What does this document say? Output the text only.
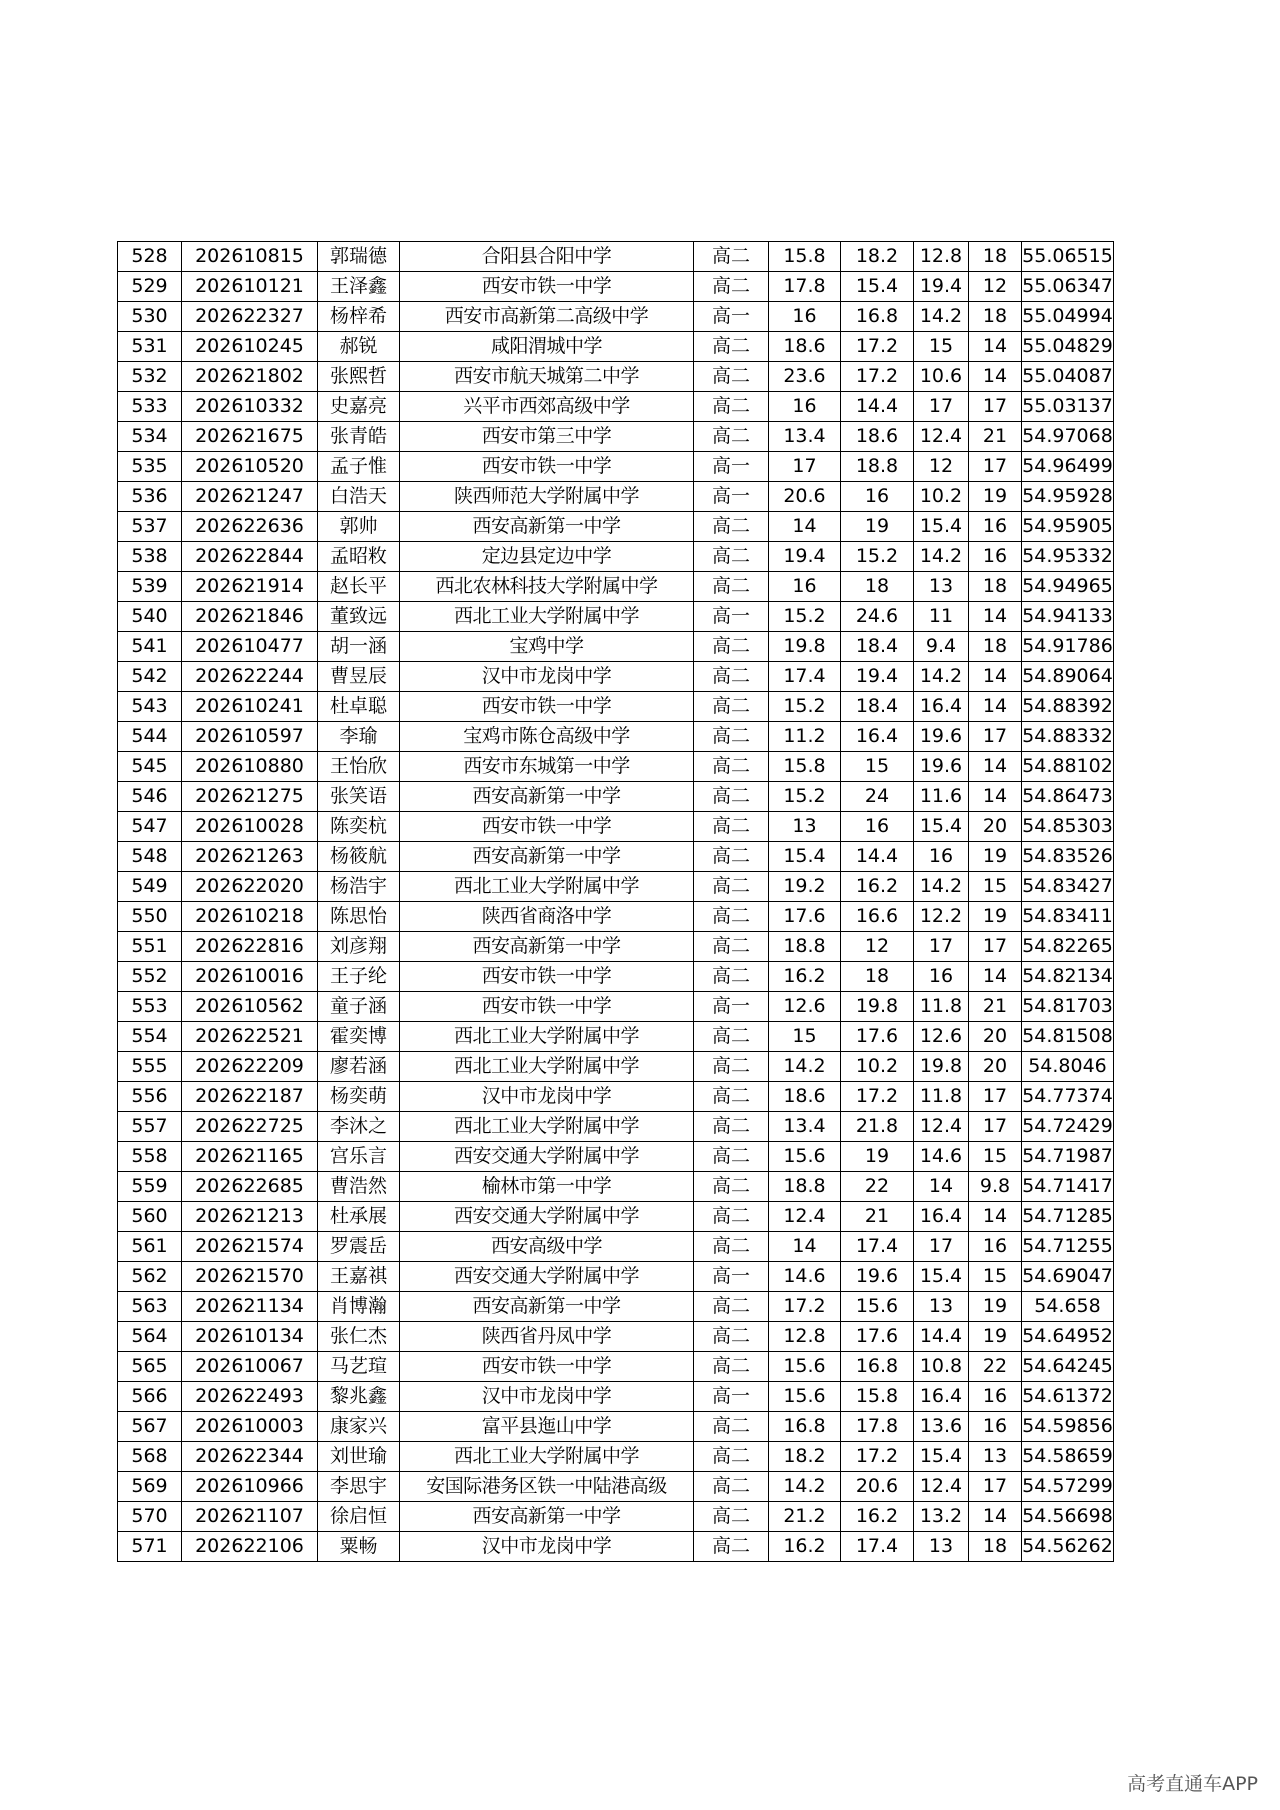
528	202610815	郭瑞德	合阳县合阳中学	高二	15.8	18.2	12.8	18	55.06515
529	202610121	王泽鑫	西安市铁一中学	高二	17.8	15.4	19.4	12	55.06347
530	202622327	杨梓希	西安市高新第二高级中学	高一	16	16.8	14.2	18	55.04994
531	202610245	郝锐	咸阳渭城中学	高二	18.6	17.2	15	14	55.04829
532	202621802	张熙哲	西安市航天城第二中学	高二	23.6	17.2	10.6	14	55.04087
533	202610332	史嘉亮	兴平市西郊高级中学	高二	16	14.4	17	17	55.03137
534	202621675	张青皓	西安市第三中学	高二	13.4	18.6	12.4	21	54.97068
535	202610520	孟子惟	西安市铁一中学	高一	17	18.8	12	17	54.96499
536	202621247	白浩天	陕西师范大学附属中学	高一	20.6	16	10.2	19	54.95928
537	202622636	郭帅	西安高新第一中学	高二	14	19	15.4	16	54.95905
538	202622844	孟昭敉	定边县定边中学	高二	19.4	15.2	14.2	16	54.95332
539	202621914	赵长平	西北农林科技大学附属中学	高二	16	18	13	18	54.94965
540	202621846	董致远	西北工业大学附属中学	高一	15.2	24.6	11	14	54.94133
541	202610477	胡一涵	宝鸡中学	高二	19.8	18.4	9.4	18	54.91786
542	202622244	曹昱辰	汉中市龙岗中学	高二	17.4	19.4	14.2	14	54.89064
543	202610241	杜卓聪	西安市铁一中学	高二	15.2	18.4	16.4	14	54.88392
544	202610597	李瑜	宝鸡市陈仓高级中学	高二	11.2	16.4	19.6	17	54.88332
545	202610880	王怡欣	西安市东城第一中学	高二	15.8	15	19.6	14	54.88102
546	202621275	张笑语	西安高新第一中学	高二	15.2	24	11.6	14	54.86473
547	202610028	陈奕杭	西安市铁一中学	高二	13	16	15.4	20	54.85303
548	202621263	杨筱航	西安高新第一中学	高二	15.4	14.4	16	19	54.83526
549	202622020	杨浩宇	西北工业大学附属中学	高二	19.2	16.2	14.2	15	54.83427
550	202610218	陈思怡	陕西省商洛中学	高二	17.6	16.6	12.2	19	54.83411
551	202622816	刘彦翔	西安高新第一中学	高二	18.8	12	17	17	54.82265
552	202610016	王子纶	西安市铁一中学	高二	16.2	18	16	14	54.82134
553	202610562	童子涵	西安市铁一中学	高一	12.6	19.8	11.8	21	54.81703
554	202622521	霍奕博	西北工业大学附属中学	高二	15	17.6	12.6	20	54.81508
555	202622209	廖若涵	西北工业大学附属中学	高二	14.2	10.2	19.8	20	54.8046
556	202622187	杨奕萌	汉中市龙岗中学	高二	18.6	17.2	11.8	17	54.77374
557	202622725	李沐之	西北工业大学附属中学	高二	13.4	21.8	12.4	17	54.72429
558	202621165	宫乐言	西安交通大学附属中学	高二	15.6	19	14.6	15	54.71987
559	202622685	曹浩然	榆林市第一中学	高二	18.8	22	14	9.8	54.71417
560	202621213	杜承展	西安交通大学附属中学	高二	12.4	21	16.4	14	54.71285
561	202621574	罗震岳	西安高级中学	高二	14	17.4	17	16	54.71255
562	202621570	王嘉祺	西安交通大学附属中学	高一	14.6	19.6	15.4	15	54.69047
563	202621134	肖博瀚	西安高新第一中学	高二	17.2	15.6	13	19	54.658
564	202610134	张仁杰	陕西省丹凤中学	高二	12.8	17.6	14.4	19	54.64952
565	202610067	马艺瑄	西安市铁一中学	高二	15.6	16.8	10.8	22	54.64245
566	202622493	黎兆鑫	汉中市龙岗中学	高一	15.6	15.8	16.4	16	54.61372
567	202610003	康家兴	富平县迤山中学	高二	16.8	17.8	13.6	16	54.59856
568	202622344	刘世瑜	西北工业大学附属中学	高二	18.2	17.2	15.4	13	54.58659
569	202610966	李思宇	安国际港务区铁一中陆港高级	高二	14.2	20.6	12.4	17	54.57299
570	202621107	徐启恒	西安高新第一中学	高二	21.2	16.2	13.2	14	54.56698
571	202622106	粟畅	汉中市龙岗中学	高二	16.2	17.4	13	18	54.56262
高考直通车APP
